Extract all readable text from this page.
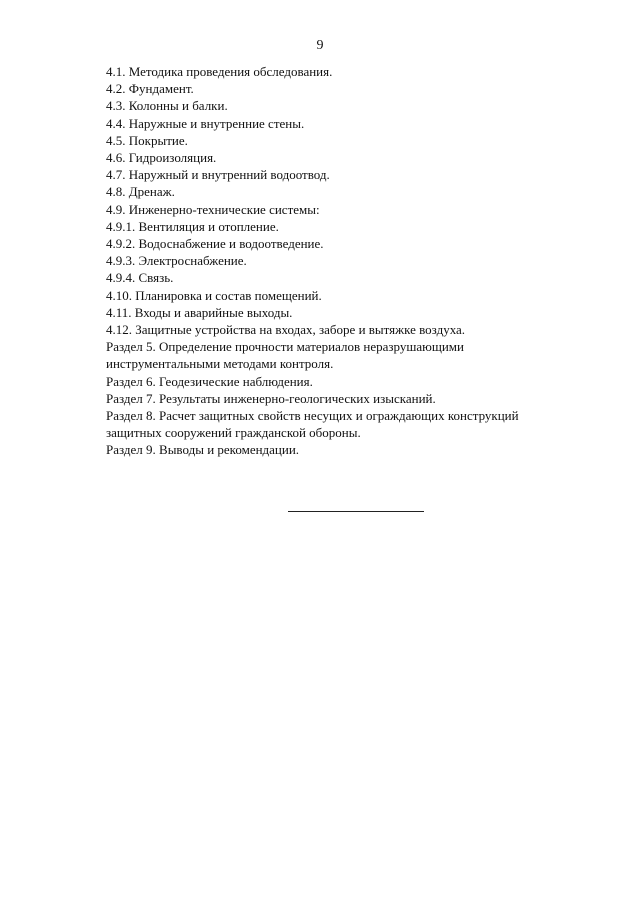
9
4.1. Методика проведения обследования.
4.2. Фундамент.
4.3. Колонны и балки.
4.4. Наружные и внутренние стены.
4.5. Покрытие.
4.6. Гидроизоляция.
4.7. Наружный и внутренний водоотвод.
4.8. Дренаж.
4.9. Инженерно-технические системы:
4.9.1. Вентиляция и отопление.
4.9.2. Водоснабжение и водоотведение.
4.9.3. Электроснабжение.
4.9.4. Связь.
4.10. Планировка и состав помещений.
4.11. Входы и аварийные выходы.
4.12. Защитные устройства на входах, заборе и вытяжке воздуха.
Раздел 5. Определение прочности материалов неразрушающими
инструментальными методами контроля.
Раздел 6. Геодезические наблюдения.
Раздел 7. Результаты инженерно-геологических изысканий.
Раздел 8. Расчет защитных свойств несущих и ограждающих конструкций
защитных сооружений гражданской обороны.
Раздел 9. Выводы и рекомендации.
